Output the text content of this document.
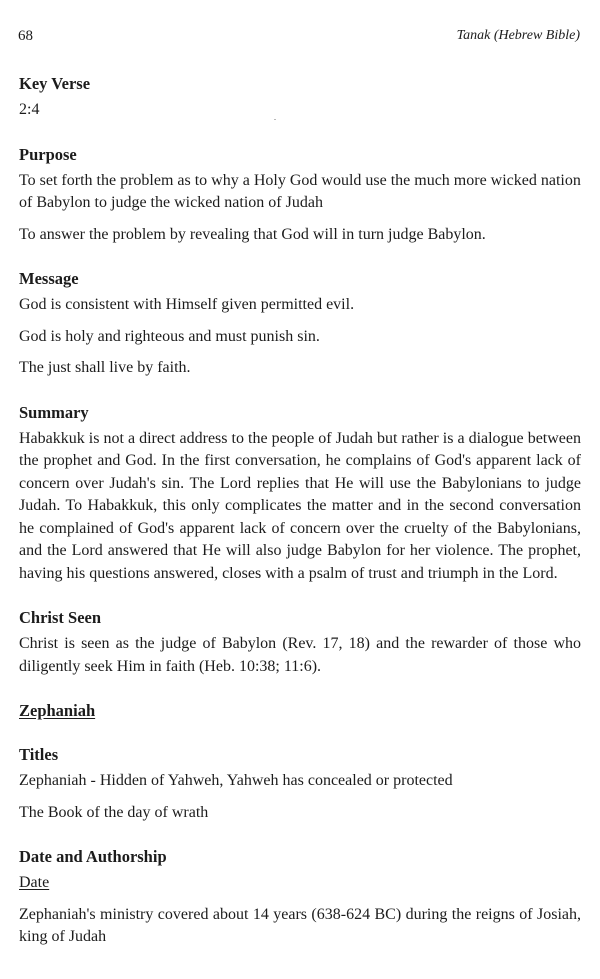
68	Tanak (Hebrew Bible)
Key Verse

2:4

Purpose

To set forth the problem as to why a Holy God would use the much more wicked nation of Babylon to judge the wicked nation of Judah

To answer the problem by revealing that God will in turn judge Babylon.

Message

God is consistent with Himself given permitted evil.

God is holy and righteous and must punish sin.

The just shall live by faith.

Summary

Habakkuk is not a direct address to the people of Judah but rather is a dialogue between the prophet and God. In the first conversation, he complains of God's apparent lack of concern over Judah's sin. The Lord replies that He will use the Babylonians to judge Judah. To Habakkuk, this only complicates the matter and in the second conversation he complained of God's apparent lack of concern over the cruelty of the Babylonians, and the Lord answered that He will also judge Babylon for her violence. The prophet, having his questions answered, closes with a psalm of trust and triumph in the Lord.

Christ Seen

Christ is seen as the judge of Babylon (Rev. 17, 18) and the rewarder of those who diligently seek Him in faith (Heb. 10:38; 11:6).

Zephaniah
Titles

Zephaniah - Hidden of Yahweh, Yahweh has concealed or protected

The Book of the day of wrath

Date and Authorship

Date

Zephaniah's ministry covered about 14 years (638-624 BC) during the reigns of Josiah, king of Judah
